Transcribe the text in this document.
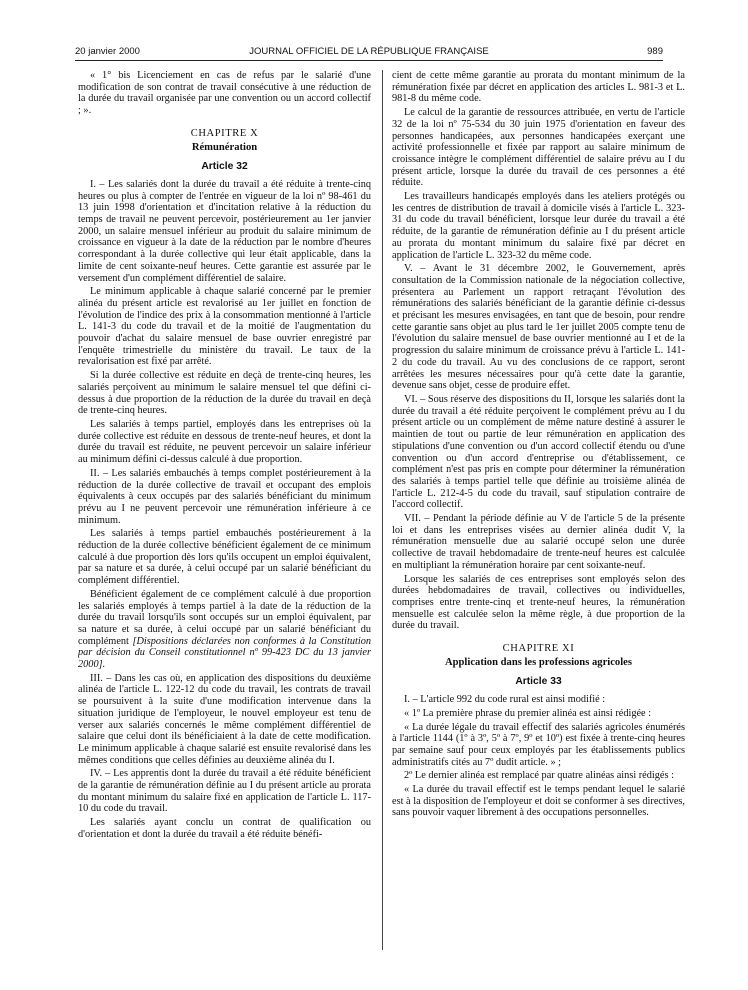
20 janvier 2000	JOURNAL OFFICIEL DE LA RÉPUBLIQUE FRANÇAISE	989

« 1° bis Licenciement en cas de refus par le salarié d'une modification de son contrat de travail consécutive à une réduction de la durée du travail organisée par une convention ou un accord collectif ; ».

CHAPITRE X
Rémunération
Article 32

I. – Les salariés dont la durée du travail a été réduite à trente-cinq heures ou plus à compter de l'entrée en vigueur de la loi nº 98-461 du 13 juin 1998 d'orientation et d'incitation relative à la réduction du temps de travail ne peuvent percevoir, postérieurement au 1er janvier 2000, un salaire mensuel inférieur au produit du salaire minimum de croissance en vigueur à la date de la réduction par le nombre d'heures correspondant à la durée collective qui leur était applicable, dans la limite de cent soixante-neuf heures. Cette garantie est assurée par le versement d'un complément différentiel de salaire.

Le minimum applicable à chaque salarié concerné par le premier alinéa du présent article est revalorisé au 1er juillet en fonction de l'évolution de l'indice des prix à la consommation mentionné à l'article L. 141-3 du code du travail et de la moitié de l'augmentation du pouvoir d'achat du salaire mensuel de base ouvrier enregistré par l'enquête trimestrielle du ministère du travail. Le taux de la revalorisation est fixé par arrêté.

Si la durée collective est réduite en deçà de trente-cinq heures, les salariés perçoivent au minimum le salaire mensuel tel que défini ci-dessus à due proportion de la réduction de la durée du travail en deçà de trente-cinq heures.

Les salariés à temps partiel, employés dans les entreprises où la durée collective est réduite en dessous de trente-neuf heures, et dont la durée du travail est réduite, ne peuvent percevoir un salaire inférieur au minimum défini ci-dessus calculé à due proportion.

II. – Les salariés embauchés à temps complet postérieurement à la réduction de la durée collective de travail et occupant des emplois équivalents à ceux occupés par des salariés bénéficiant du minimum prévu au I ne peuvent percevoir une rémunération inférieure à ce minimum.

Les salariés à temps partiel embauchés postérieurement à la réduction de la durée collective bénéficient également de ce minimum calculé à due proportion dès lors qu'ils occupent un emploi équivalent, par sa nature et sa durée, à celui occupé par un salarié bénéficiant du complément différentiel.

Bénéficient également de ce complément calculé à due proportion les salariés employés à temps partiel à la date de la réduction de la durée du travail lorsqu'ils sont occupés sur un emploi équivalent, par sa nature et sa durée, à celui occupé par un salarié bénéficiant du complément [Dispositions déclarées non conformes à la Constitution par décision du Conseil constitutionnel nº 99-423 DC du 13 janvier 2000].

III. – Dans les cas où, en application des dispositions du deuxième alinéa de l'article L. 122-12 du code du travail, les contrats de travail se poursuivent à la suite d'une modification intervenue dans la situation juridique de l'employeur, le nouvel employeur est tenu de verser aux salariés concernés le même complément différentiel de salaire que celui dont ils bénéficiaient à la date de cette modification. Le minimum applicable à chaque salarié est ensuite revalorisé dans les mêmes conditions que celles définies au deuxième alinéa du I.

IV. – Les apprentis dont la durée du travail a été réduite bénéficient de la garantie de rémunération définie au I du présent article au prorata du montant minimum du salaire fixé en application de l'article L. 117-10 du code du travail.

Les salariés ayant conclu un contrat de qualification ou d'orientation et dont la durée du travail a été réduite bénéfi-

cient de cette même garantie au prorata du montant minimum de la rémunération fixée par décret en application des articles L. 981-3 et L. 981-8 du même code.

Le calcul de la garantie de ressources attribuée, en vertu de l'article 32 de la loi nº 75-534 du 30 juin 1975 d'orientation en faveur des personnes handicapées, aux personnes handicapées exerçant une activité professionnelle et fixée par rapport au salaire minimum de croissance intègre le complément différentiel de salaire prévu au I du présent article, lorsque la durée du travail de ces personnes a été réduite.

Les travailleurs handicapés employés dans les ateliers protégés ou les centres de distribution de travail à domicile visés à l'article L. 323-31 du code du travail bénéficient, lorsque leur durée du travail a été réduite, de la garantie de rémunération définie au I du présent article au prorata du montant minimum du salaire fixé par décret en application de l'article L. 323-32 du même code.

V. – Avant le 31 décembre 2002, le Gouvernement, après consultation de la Commission nationale de la négociation collective, présentera au Parlement un rapport retraçant l'évolution des rémunérations des salariés bénéficiant de la garantie définie ci-dessus et précisant les mesures envisagées, en tant que de besoin, pour rendre cette garantie sans objet au plus tard le 1er juillet 2005 compte tenu de l'évolution du salaire mensuel de base ouvrier mentionné au I et de la progression du salaire minimum de croissance prévu à l'article L. 141-2 du code du travail. Au vu des conclusions de ce rapport, seront arrêtées les mesures nécessaires pour qu'à cette date la garantie, devenue sans objet, cesse de produire effet.

VI. – Sous réserve des dispositions du II, lorsque les salariés dont la durée du travail a été réduite perçoivent le complément prévu au I du présent article ou un complément de même nature destiné à assurer le maintien de tout ou partie de leur rémunération en application des stipulations d'une convention ou d'un accord collectif étendu ou d'une convention ou d'un accord d'entreprise ou d'établissement, ce complément n'est pas pris en compte pour déterminer la rémunération des salariés à temps partiel telle que définie au troisième alinéa de l'article L. 212-4-5 du code du travail, sauf stipulation contraire de l'accord collectif.

VII. – Pendant la période définie au V de l'article 5 de la présente loi et dans les entreprises visées au dernier alinéa dudit V, la rémunération mensuelle due au salarié occupé selon une durée collective de travail hebdomadaire de trente-neuf heures est calculée en multipliant la rémunération horaire par cent soixante-neuf.

Lorsque les salariés de ces entreprises sont employés selon des durées hebdomadaires de travail, collectives ou individuelles, comprises entre trente-cinq et trente-neuf heures, la rémunération mensuelle est calculée selon la même règle, à due proportion de la durée du travail.

CHAPITRE XI
Application dans les professions agricoles
Article 33

I. – L'article 992 du code rural est ainsi modifié :

« 1º La première phrase du premier alinéa est ainsi rédigée :

« La durée légale du travail effectif des salariés agricoles énumérés à l'article 1144 (1º à 3º, 5º à 7º, 9º et 10º) est fixée à trente-cinq heures par semaine sauf pour ceux employés par les établissements publics administratifs cités au 7º dudit article. » ;

2º Le dernier alinéa est remplacé par quatre alinéas ainsi rédigés :

« La durée du travail effectif est le temps pendant lequel le salarié est à la disposition de l'employeur et doit se conformer à ses directives, sans pouvoir vaquer librement à des occupations personnelles.
